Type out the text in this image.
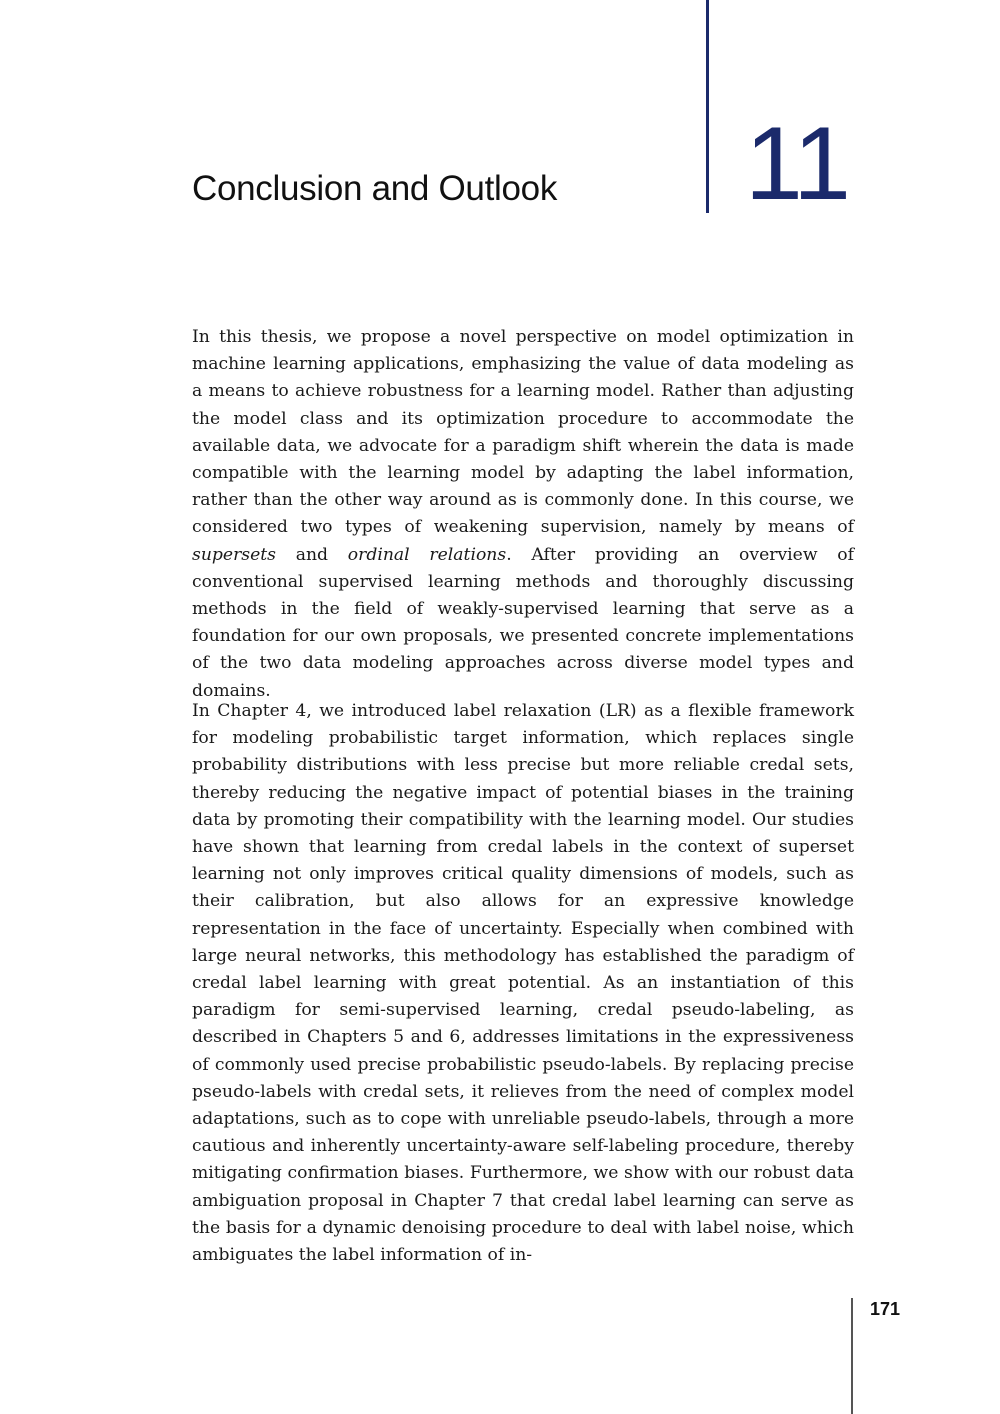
11
Conclusion and Outlook

In this thesis, we propose a novel perspective on model optimization in machine learning applications, emphasizing the value of data modeling as a means to achieve robustness for a learning model. Rather than adjusting the model class and its optimization procedure to accommodate the available data, we advocate for a paradigm shift wherein the data is made compatible with the learning model by adapting the label information, rather than the other way around as is commonly done. In this course, we considered two types of weakening supervision, namely by means of supersets and ordinal relations. After providing an overview of conventional supervised learning methods and thoroughly discussing methods in the field of weakly-supervised learning that serve as a foundation for our own proposals, we presented concrete implementations of the two data modeling approaches across diverse model types and domains.

In Chapter 4, we introduced label relaxation (LR) as a flexible framework for modeling probabilistic target information, which replaces single probability distributions with less precise but more reliable credal sets, thereby reducing the negative impact of potential biases in the training data by promoting their compatibility with the learning model. Our studies have shown that learning from credal labels in the context of superset learning not only improves critical quality dimensions of models, such as their calibration, but also allows for an expressive knowledge representation in the face of uncertainty. Especially when combined with large neural networks, this methodology has established the paradigm of credal label learning with great potential. As an instantiation of this paradigm for semi-supervised learning, credal pseudo-labeling, as described in Chapters 5 and 6, addresses limitations in the expressiveness of commonly used precise probabilistic pseudo-labels. By replacing precise pseudo-labels with credal sets, it relieves from the need of complex model adaptations, such as to cope with unreliable pseudo-labels, through a more cautious and inherently uncertainty-aware self-labeling procedure, thereby mitigating confirmation biases. Furthermore, we show with our robust data ambiguation proposal in Chapter 7 that credal label learning can serve as the basis for a dynamic denoising procedure to deal with label noise, which ambiguates the label information of in-

171
